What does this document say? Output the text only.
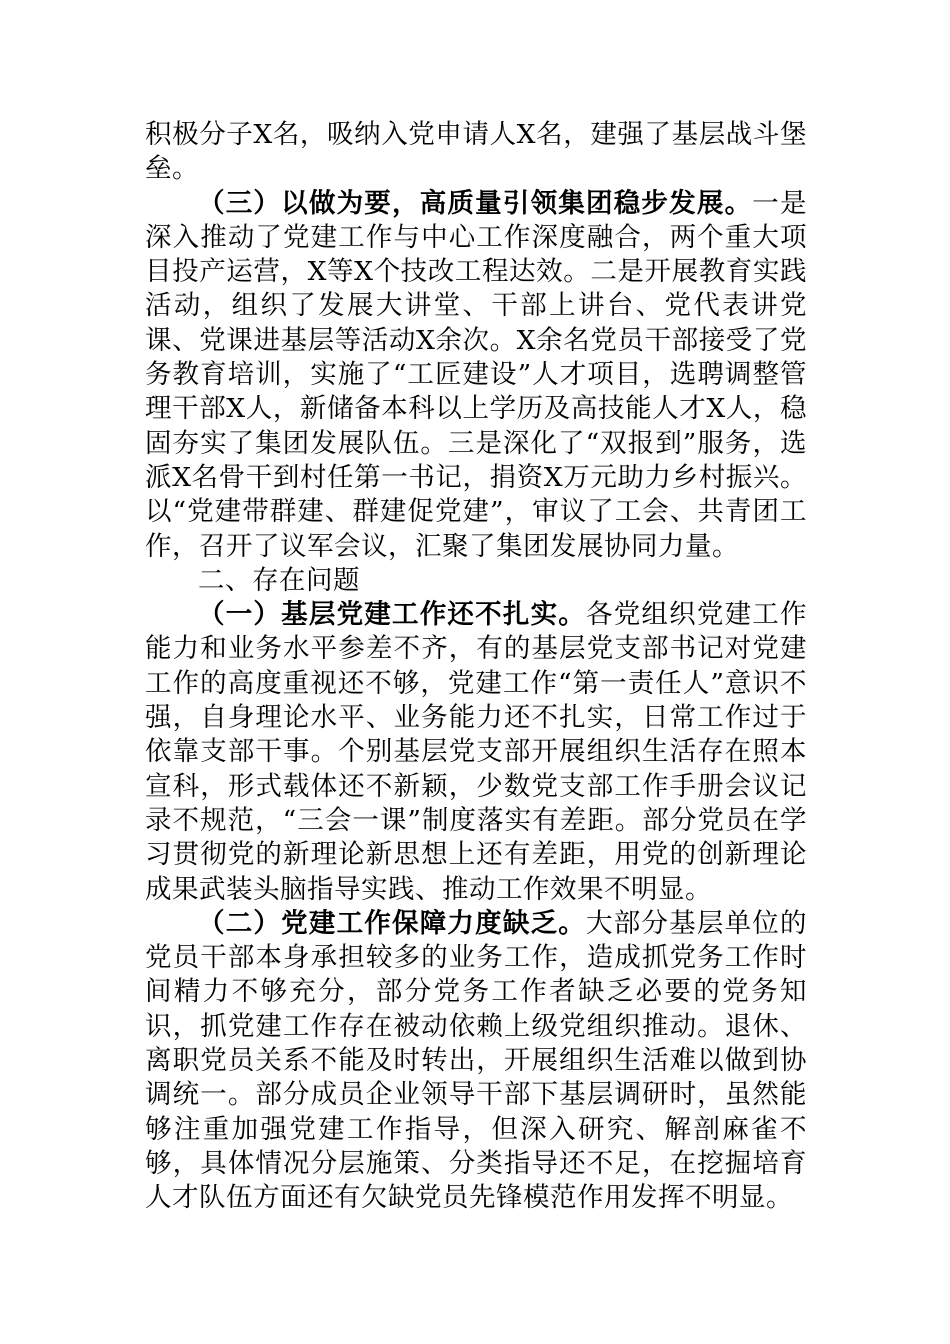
积极分子X名，吸纳入党申请人X名，建强了基层战斗堡垒。

（三）以做为要，高质量引领集团稳步发展。一是深入推动了党建工作与中心工作深度融合，两个重大项目投产运营，X等X个技改工程达效。二是开展教育实践活动，组织了发展大讲堂、干部上讲台、党代表讲党课、党课进基层等活动X余次。X余名党员干部接受了党务教育培训，实施了“工匠建设”人才项目，选聘调整管理干部X人，新储备本科以上学历及高技能人才X人，稳固夯实了集团发展队伍。三是深化了“双报到”服务，选派X名骨干到村任第一书记，捐资X万元助力乡村振兴。以“党建带群建、群建促党建”，审议了工会、共青团工作，召开了议军会议，汇聚了集团发展协同力量。

二、存在问题

（一）基层党建工作还不扎实。各党组织党建工作能力和业务水平参差不齐，有的基层党支部书记对党建工作的高度重视还不够，党建工作“第一责任人”意识不强，自身理论水平、业务能力还不扎实，日常工作过于依靠支部干事。个别基层党支部开展组织生活存在照本宣科，形式载体还不新颖，少数党支部工作手册会议记录不规范，“三会一课”制度落实有差距。部分党员在学习贯彻党的新理论新思想上还有差距，用党的创新理论成果武装头脑指导实践、推动工作效果不明显。

（二）党建工作保障力度缺乏。大部分基层单位的党员干部本身承担较多的业务工作，造成抓党务工作时间精力不够充分，部分党务工作者缺乏必要的党务知识，抓党建工作存在被动依赖上级党组织推动。退休、离职党员关系不能及时转出，开展组织生活难以做到协调统一。部分成员企业领导干部下基层调研时，虽然能够注重加强党建工作指导，但深入研究、解剖麻雀不够，具体情况分层施策、分类指导还不足，在挖掘培育人才队伍方面还有欠缺党员先锋模范作用发挥不明显。
